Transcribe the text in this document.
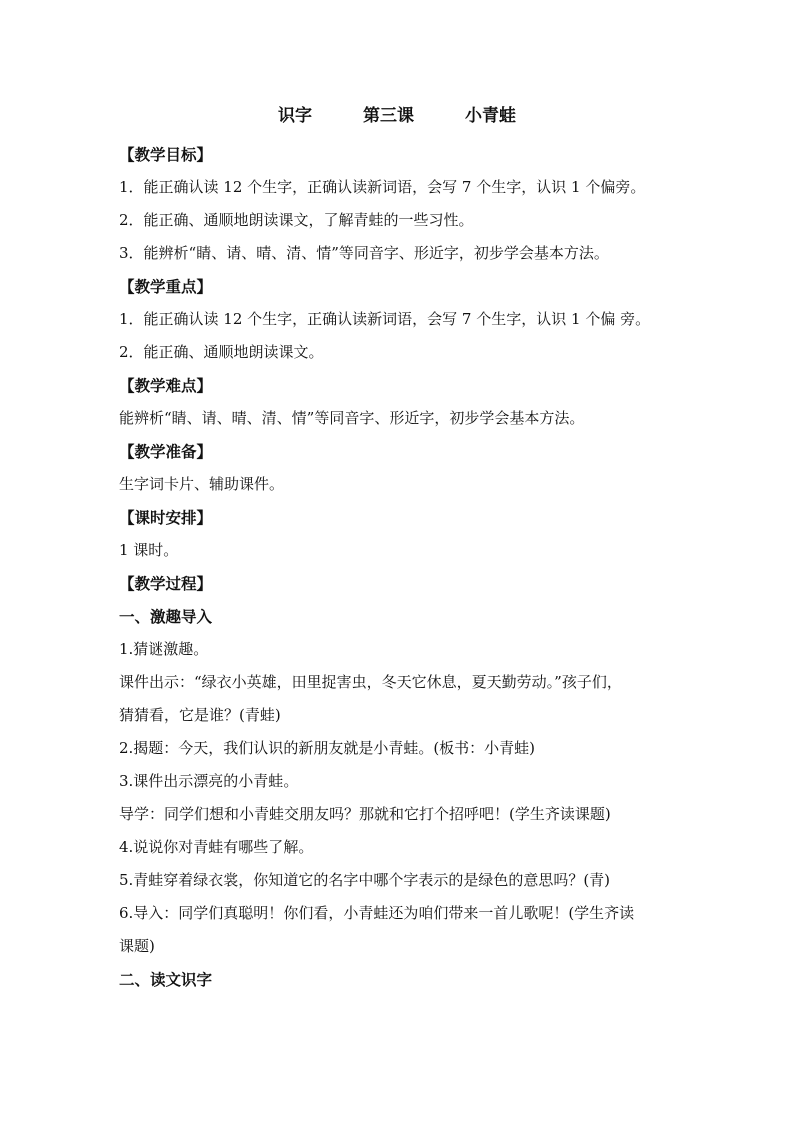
识字　　　第三课　　　小青蛙
【教学目标】
1．能正确认读 12 个生字，正确认读新词语，会写 7 个生字，认识 1 个偏旁。
2．能正确、通顺地朗读课文，了解青蛙的一些习性。
3．能辨析“睛、请、晴、清、情”等同音字、形近字，初步学会基本方法。
【教学重点】
1．能正确认读 12 个生字，正确认读新词语，会写 7 个生字，认识 1 个偏 旁。
2．能正确、通顺地朗读课文。
【教学难点】
能辨析“睛、请、晴、清、情”等同音字、形近字，初步学会基本方法。
【教学准备】
生字词卡片、辅助课件。
【课时安排】
1 课时。
【教学过程】
一、激趣导入
1.猜谜激趣。
课件出示：“绿衣小英雄，田里捉害虫，冬天它休息，夏天勤劳动。”孩子们，
猜猜看，它是谁？(青蛙)
2.揭题：今天，我们认识的新朋友就是小青蛙。(板书：小青蛙)
3.课件出示漂亮的小青蛙。
导学：同学们想和小青蛙交朋友吗？那就和它打个招呼吧！(学生齐读课题)
4.说说你对青蛙有哪些了解。
5.青蛙穿着绿衣裳，你知道它的名字中哪个字表示的是绿色的意思吗？(青)
6.导入：同学们真聪明！你们看，小青蛙还为咱们带来一首儿歌呢！(学生齐读
课题)
二、读文识字
